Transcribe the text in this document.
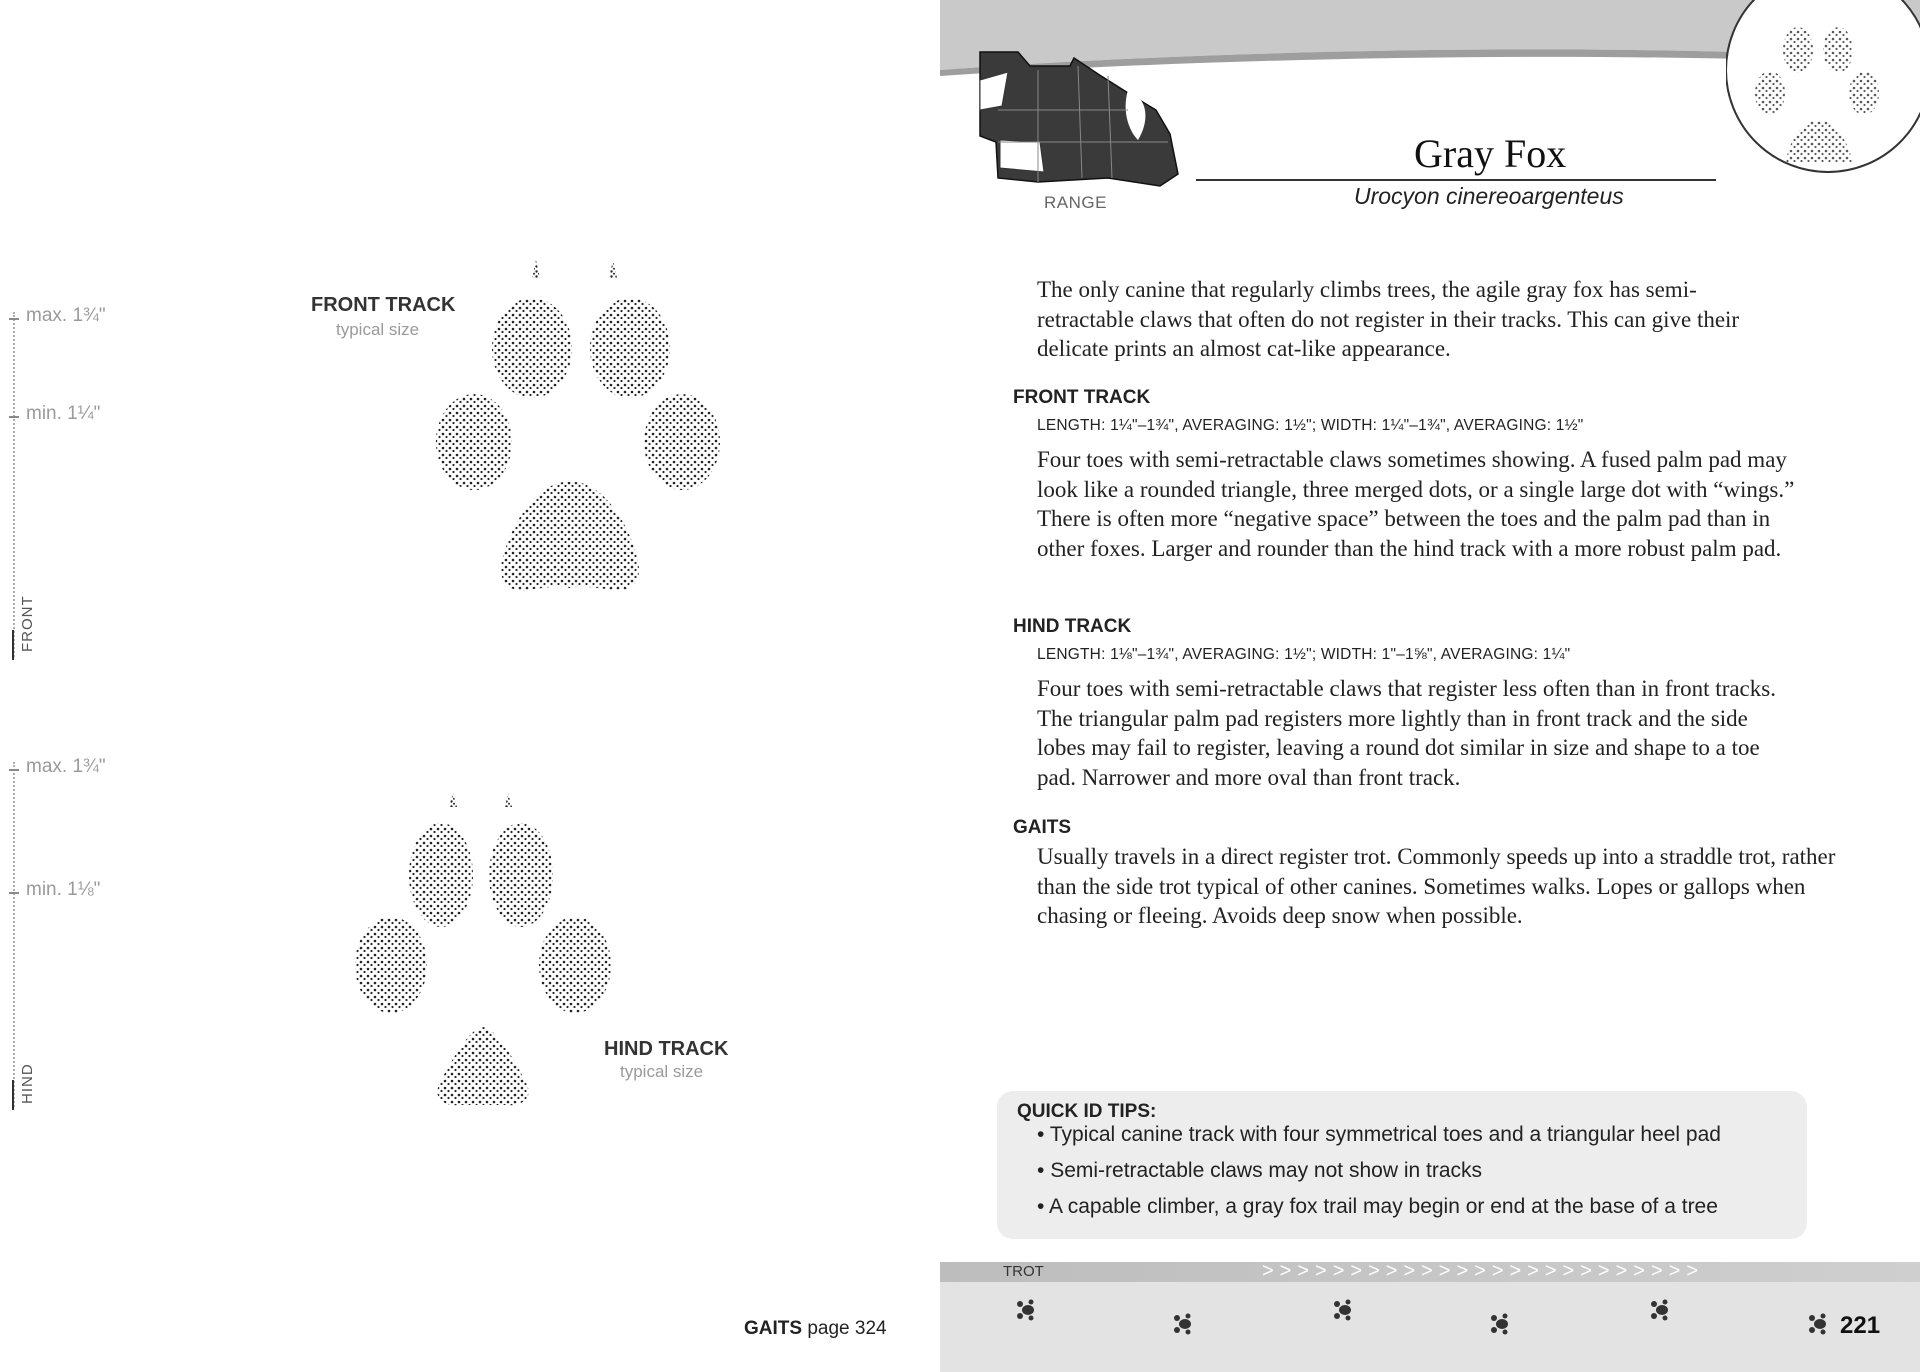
max. 1¾"
min. 1¼"
FRONT
max. 1¾"
min. 1⅛"
HIND
FRONT TRACK
typical size
HIND TRACK
typical size
GAITS page 324
RANGE
Gray Fox
Urocyon cinereoargenteus
The only canine that regularly climbs trees, the agile gray fox has semi-retractable claws that often do not register in their tracks. This can give their delicate prints an almost cat-like appearance.
FRONT TRACK
LENGTH: 1¼"–1¾", AVERAGING: 1½"; WIDTH: 1¼"–1¾", AVERAGING: 1½"
Four toes with semi-retractable claws sometimes showing. A fused palm pad may look like a rounded triangle, three merged dots, or a single large dot with “wings.” There is often more “negative space” between the toes and the palm pad than in other foxes. Larger and rounder than the hind track with a more robust palm pad.
HIND TRACK
LENGTH: 1⅛"–1¾", AVERAGING: 1½"; WIDTH: 1"–1⅝", AVERAGING: 1¼"
Four toes with semi-retractable claws that register less often than in front tracks. The triangular palm pad registers more lightly than in front track and the side lobes may fail to register, leaving a round dot similar in size and shape to a toe pad. Narrower and more oval than front track.
GAITS
Usually travels in a direct register trot. Commonly speeds up into a straddle trot, rather than the side trot typical of other canines. Sometimes walks. Lopes or gallops when chasing or fleeing. Avoids deep snow when possible.
QUICK ID TIPS:
• Typical canine track with four symmetrical toes and a triangular heel pad
• Semi-retractable claws may not show in tracks
• A capable climber, a gray fox trail may begin or end at the base of a tree
TROT	>>>>>>>>>>>>>>>>>>>>>>>>>
221
